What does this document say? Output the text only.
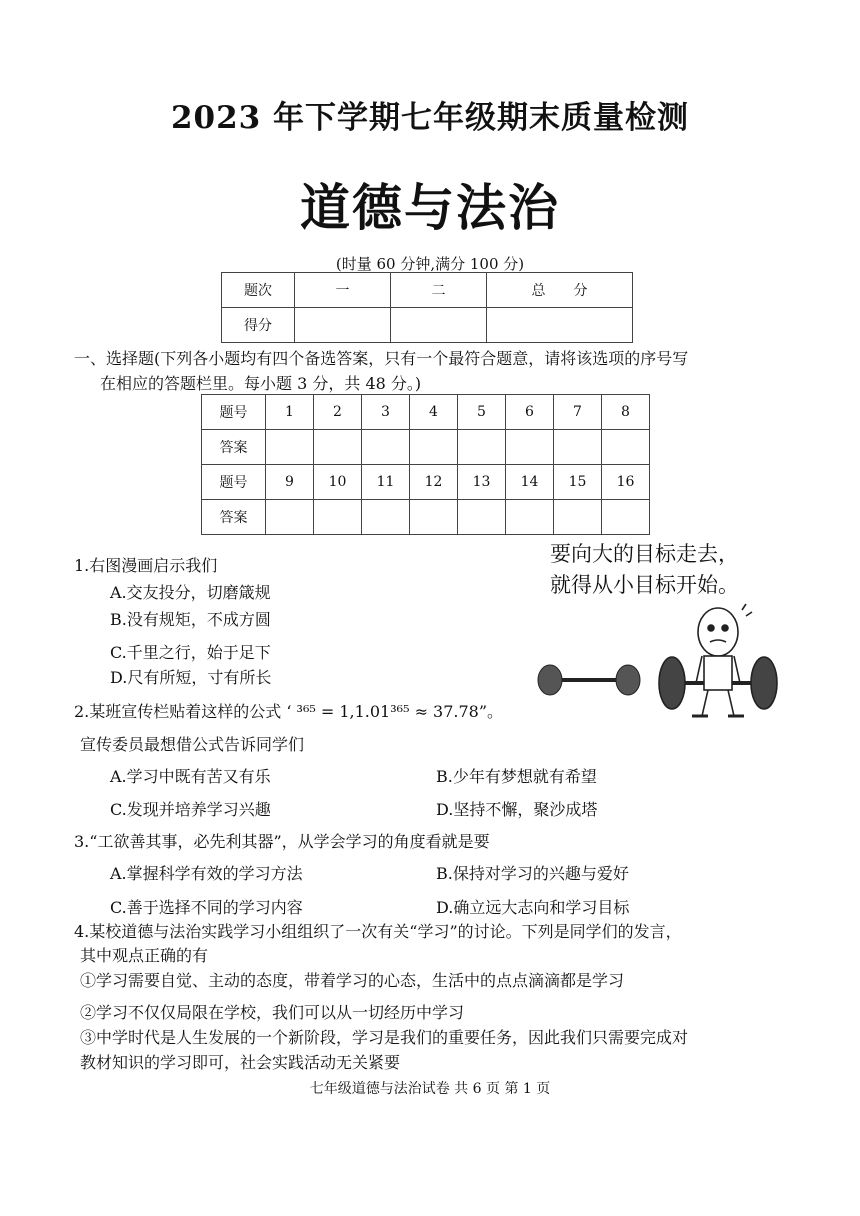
2023 年下学期七年级期末质量检测
道德与法治
(时量 60 分钟,满分 100 分)
题次	一	二	总　　分
得分			
一、选择题(下列各小题均有四个备选答案，只有一个最符合题意，请将该选项的序号写
在相应的答题栏里。每小题 3 分，共 48 分。)
题号	1	2	3	4	5	6	7	8
答案								
题号	9	10	11	12	13	14	15	16
答案								
要向大的目标走去，
就得从小目标开始。
1.右图漫画启示我们
A.交友投分，切磨箴规
B.没有规矩，不成方圆
C.千里之行，始于足下
D.尺有所短，寸有所长
2.某班宣传栏贴着这样的公式 ‘ ³⁶⁵ = 1,1.01³⁶⁵ ≈ 37.78”。
宣传委员最想借公式告诉同学们
A.学习中既有苦又有乐	B.少年有梦想就有希望
C.发现并培养学习兴趣	D.坚持不懈，聚沙成塔
3.“工欲善其事，必先利其器”，从学会学习的角度看就是要
A.掌握科学有效的学习方法	B.保持对学习的兴趣与爱好
C.善于选择不同的学习内容	D.确立远大志向和学习目标
4.某校道德与法治实践学习小组组织了一次有关“学习”的讨论。下列是同学们的发言，
其中观点正确的有
①学习需要自觉、主动的态度，带着学习的心态，生活中的点点滴滴都是学习
②学习不仅仅局限在学校，我们可以从一切经历中学习
③中学时代是人生发展的一个新阶段，学习是我们的重要任务，因此我们只需要完成对
教材知识的学习即可，社会实践活动无关紧要
七年级道德与法治试卷 共 6 页 第 1 页
